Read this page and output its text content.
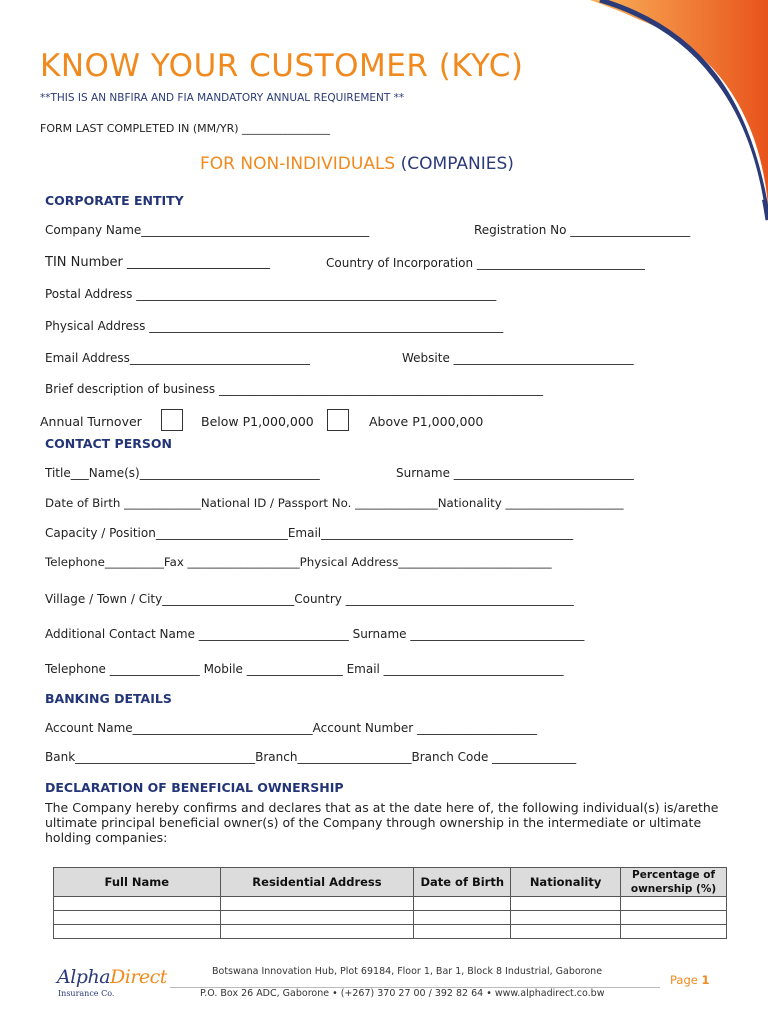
KNOW YOUR CUSTOMER (KYC)
**THIS IS AN NBFIRA AND FIA MANDATORY ANNUAL REQUIREMENT **
FORM LAST COMPLETED IN (MM/YR) ________________
FOR NON-INDIVIDUALS (COMPANIES)
CORPORATE ENTITY
Company Name______________________________________	Registration No ____________________
TIN Number ______________________	Country of Incorporation ____________________________
Postal Address ____________________________________________________________
Physical Address ___________________________________________________________
Email Address______________________________	Website ______________________________
Brief description of business ______________________________________________________
Annual Turnover	Below P1,000,000	Above P1,000,000
CONTACT PERSON
Title___Name(s)______________________________	Surname ______________________________
Date of Birth _____________National ID / Passport No. ______________Nationality ____________________
Capacity / Position______________________Email__________________________________________
Telephone__________Fax ___________________Physical Address__________________________
Village / Town / City______________________Country ______________________________________
Additional Contact Name _________________________ Surname _____________________________
Telephone _______________ Mobile ________________ Email ______________________________
BANKING DETAILS
Account Name______________________________Account Number ____________________
Bank______________________________Branch___________________Branch Code ______________
DECLARATION OF BENEFICIAL OWNERSHIP
The Company hereby confirms and declares that as at the date here of, the following individual(s) is/arethe ultimate principal beneficial owner(s) of the Company through ownership in the intermediate or ultimate holding companies:
Full Name	Residential Address	Date of Birth	Nationality	Percentage of ownership (%)

AlphaDirect
Insurance Co.
Botswana Innovation Hub, Plot 69184, Floor 1, Bar 1, Block 8 Industrial, Gaborone
P.O. Box 26 ADC, Gaborone • (+267) 370 27 00 / 392 82 64 • www.alphadirect.co.bw
Page 1
